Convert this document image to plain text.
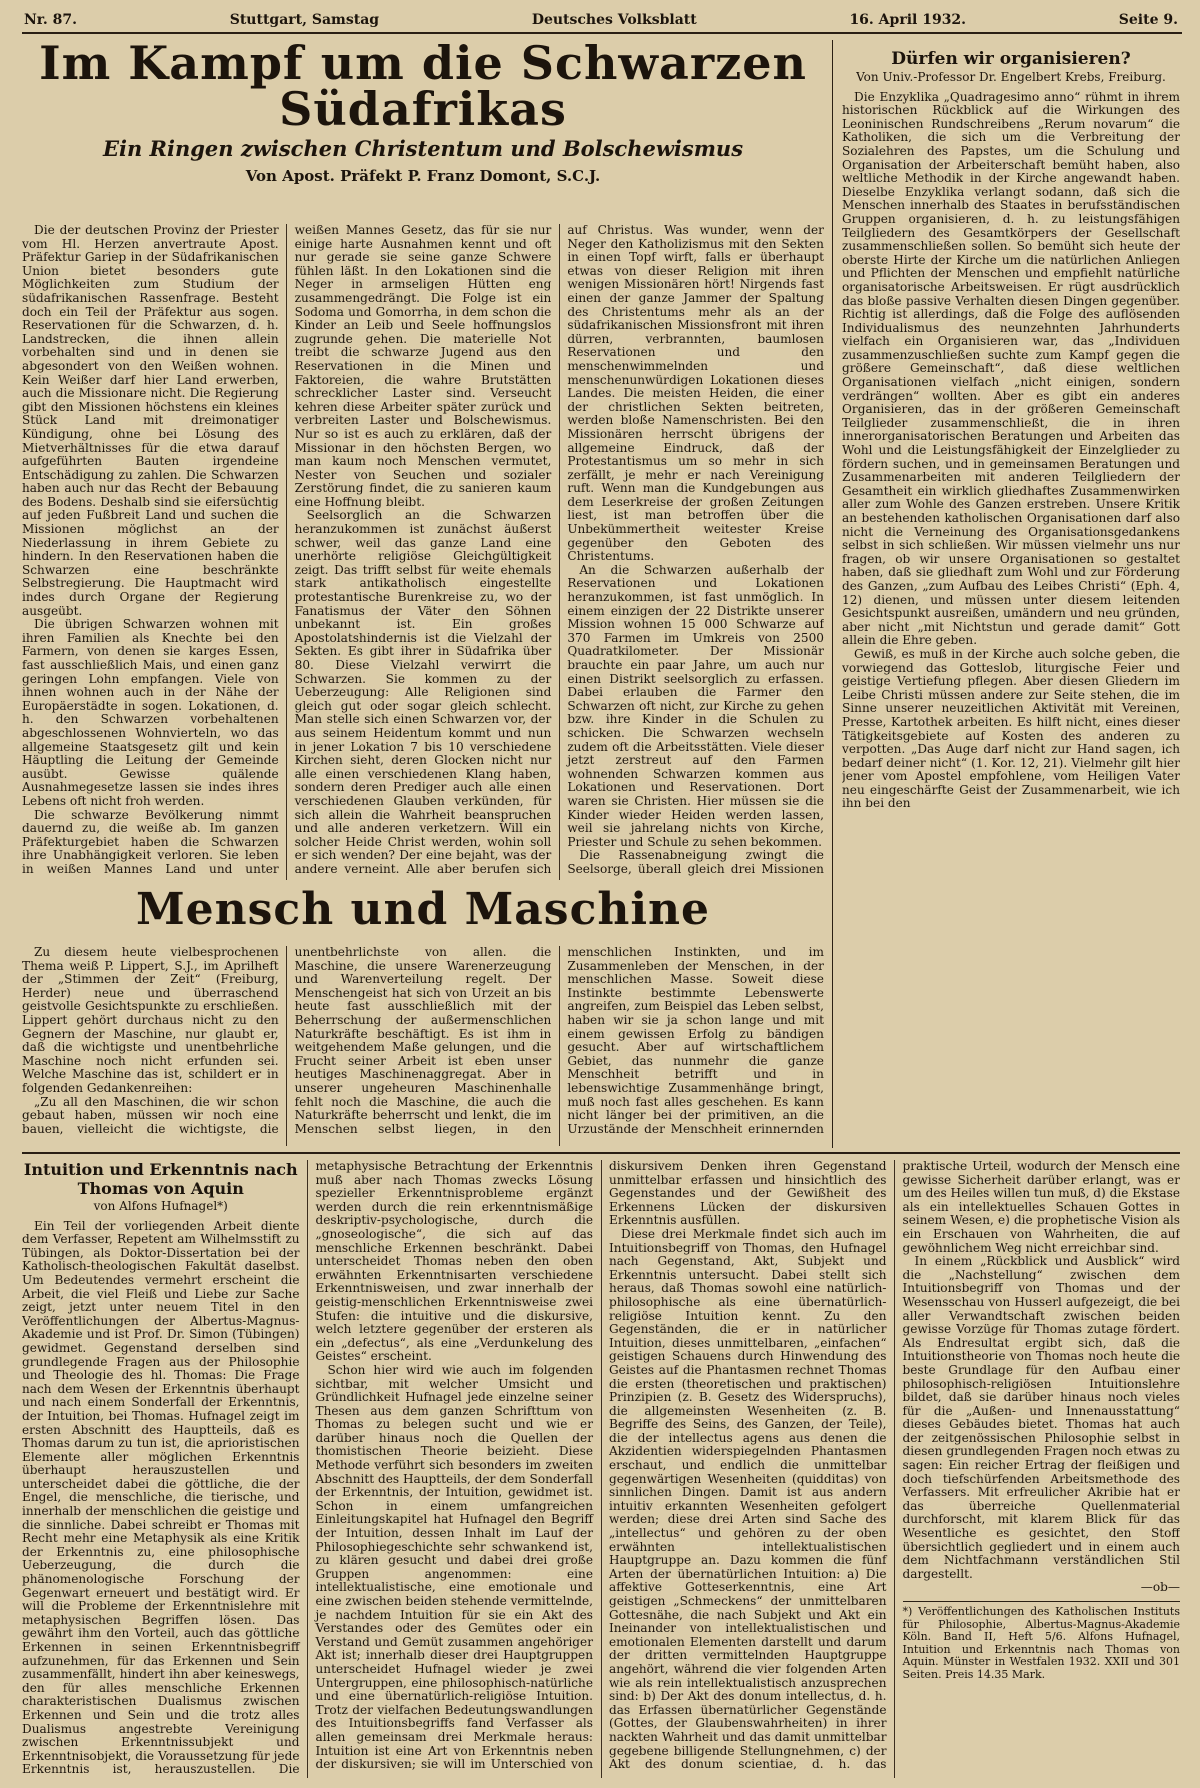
Nr. 87.	Stuttgart, Samstag	Deutsches Volksblatt	16. April 1932.	Seite 9.
Im Kampf um die Schwarzen Südafrikas
Ein Ringen zwischen Christentum und Bolschewismus
Von Apost. Präfekt P. Franz Domont, S.C.J.

Die der deutschen Provinz der Priester vom Hl. Herzen anvertraute Apost. Präfektur Gariep in der Südafrikanischen Union bietet besonders gute Möglichkeiten zum Studium der südafrikanischen Rassenfrage. Besteht doch ein Teil der Präfektur aus sogen. Reservationen für die Schwarzen, d. h. Landstrecken, die ihnen allein vorbehalten sind und in denen sie abgesondert von den Weißen wohnen. Kein Weißer darf hier Land erwerben, auch die Missionare nicht. Die Regierung gibt den Missionen höchstens ein kleines Stück Land mit dreimonatiger Kündigung, ohne bei Lösung des Mietverhältnisses für die etwa darauf aufgeführten Bauten irgendeine Entschädigung zu zahlen. Die Schwarzen haben auch nur das Recht der Bebauung des Bodens. Deshalb sind sie eifersüchtig auf jeden Fußbreit Land und suchen die Missionen möglichst an der Niederlassung in ihrem Gebiete zu hindern. In den Reservationen haben die Schwarzen eine beschränkte Selbstregierung. Die Hauptmacht wird indes durch Organe der Regierung ausgeübt.

Die übrigen Schwarzen wohnen mit ihren Familien als Knechte bei den Farmern, von denen sie karges Essen, fast ausschließlich Mais, und einen ganz geringen Lohn empfangen. Viele von ihnen wohnen auch in der Nähe der Europäerstädte in sogen. Lokationen, d. h. den Schwarzen vorbehaltenen abgeschlossenen Wohnvierteln, wo das allgemeine Staatsgesetz gilt und kein Häuptling die Leitung der Gemeinde ausübt. Gewisse quälende Ausnahmegesetze lassen sie indes ihres Lebens oft nicht froh werden.

Die schwarze Bevölkerung nimmt dauernd zu, die weiße ab. Im ganzen Präfekturgebiet haben die Schwarzen ihre Unabhängigkeit verloren. Sie leben in weißen Mannes Land und unter weißen Mannes Gesetz, das für sie nur einige harte Ausnahmen kennt und oft nur gerade sie seine ganze Schwere fühlen läßt. In den Lokationen sind die Neger in armseligen Hütten eng zusammengedrängt. Die Folge ist ein Sodoma und Gomorrha, in dem schon die Kinder an Leib und Seele hoffnungslos zugrunde gehen. Die materielle Not treibt die schwarze Jugend aus den Reservationen in die Minen und Faktoreien, die wahre Brutstätten schrecklicher Laster sind. Verseucht kehren diese Arbeiter später zurück und verbreiten Laster und Bolschewismus. Nur so ist es auch zu erklären, daß der Missionar in den höchsten Bergen, wo man kaum noch Menschen vermutet, Nester von Seuchen und sozialer Zerstörung findet, die zu sanieren kaum eine Hoffnung bleibt.

Seelsorglich an die Schwarzen heranzukommen ist zunächst äußerst schwer, weil das ganze Land eine unerhörte religiöse Gleichgültigkeit zeigt. Das trifft selbst für weite ehemals stark antikatholisch eingestellte protestantische Burenkreise zu, wo der Fanatismus der Väter den Söhnen unbekannt ist. Ein großes Apostolatshindernis ist die Vielzahl der Sekten. Es gibt ihrer in Südafrika über 80. Diese Vielzahl verwirrt die Schwarzen. Sie kommen zu der Ueberzeugung: Alle Religionen sind gleich gut oder sogar gleich schlecht. Man stelle sich einen Schwarzen vor, der aus seinem Heidentum kommt und nun in jener Lokation 7 bis 10 verschiedene Kirchen sieht, deren Glocken nicht nur alle einen verschiedenen Klang haben, sondern deren Prediger auch alle einen verschiedenen Glauben verkünden, für sich allein die Wahrheit beanspruchen und alle anderen verketzern. Will ein solcher Heide Christ werden, wohin soll er sich wenden? Der eine bejaht, was der andere verneint. Alle aber berufen sich auf Christus. Was wunder, wenn der Neger den Katholizismus mit den Sekten in einen Topf wirft, falls er überhaupt etwas von dieser Religion mit ihren wenigen Missionären hört! Nirgends fast einen der ganze Jammer der Spaltung des Christentums mehr als an der südafrikanischen Missionsfront mit ihren dürren, verbrannten, baumlosen Reservationen und den menschenwimmelnden und menschenunwürdigen Lokationen dieses Landes. Die meisten Heiden, die einer der christlichen Sekten beitreten, werden bloße Namenschristen. Bei den Missionären herrscht übrigens der allgemeine Eindruck, daß der Protestantismus um so mehr in sich zerfällt, je mehr er nach Vereinigung ruft. Wenn man die Kundgebungen aus dem Leserkreise der großen Zeitungen liest, ist man betroffen über die Unbekümmertheit weitester Kreise gegenüber den Geboten des Christentums.

An die Schwarzen außerhalb der Reservationen und Lokationen heranzukommen, ist fast unmöglich. In einem einzigen der 22 Distrikte unserer Mission wohnen 15 000 Schwarze auf 370 Farmen im Umkreis von 2500 Quadratkilometer. Der Missionär brauchte ein paar Jahre, um auch nur einen Distrikt seelsorglich zu erfassen. Dabei erlauben die Farmer den Schwarzen oft nicht, zur Kirche zu gehen bzw. ihre Kinder in die Schulen zu schicken. Die Schwarzen wechseln zudem oft die Arbeitsstätten. Viele dieser jetzt zerstreut auf den Farmen wohnenden Schwarzen kommen aus Lokationen und Reservationen. Dort waren sie Christen. Hier müssen sie die Kinder wieder Heiden werden lassen, weil sie jahrelang nichts von Kirche, Priester und Schule zu sehen bekommen.

Die Rassenabneigung zwingt die Seelsorge, überall gleich drei Missionen

Mensch und Maschine

Zu diesem heute vielbesprochenen Thema weiß P. Lippert, S.J., im Aprilheft der „Stimmen der Zeit“ (Freiburg, Herder) neue und überraschend geistvolle Gesichtspunkte zu erschließen. Lippert gehört durchaus nicht zu den Gegnern der Maschine, nur glaubt er, daß die wichtigste und unentbehrliche Maschine noch nicht erfunden sei. Welche Maschine das ist, schildert er in folgenden Gedankenreihen:

„Zu all den Maschinen, die wir schon gebaut haben, müssen wir noch eine bauen, vielleicht die wichtigste, die unentbehrlichste von allen. die Maschine, die unsere Warenerzeugung und Warenverteilung regelt. Der Menschengeist hat sich von Urzeit an bis heute fast ausschließlich mit der Beherrschung der außermenschlichen Naturkräfte beschäftigt. Es ist ihm in weitgehendem Maße gelungen, und die Frucht seiner Arbeit ist eben unser heutiges Maschinenaggregat. Aber in unserer ungeheuren Maschinenhalle fehlt noch die Maschine, die auch die Naturkräfte beherrscht und lenkt, die im Menschen selbst liegen, in den menschlichen Instinkten, und im Zusammenleben der Menschen, in der menschlichen Masse. Soweit diese Instinkte bestimmte Lebenswerte angreifen, zum Beispiel das Leben selbst, haben wir sie ja schon lange und mit einem gewissen Erfolg zu bändigen gesucht. Aber auf wirtschaftlichem Gebiet, das nunmehr die ganze Menschheit betrifft und in lebenswichtige Zusammenhänge bringt, muß noch fast alles geschehen. Es kann nicht länger bei der primitiven, an die Urzustände der Menschheit erinnernden

Dürfen wir organisieren?
Von Univ.-Professor Dr. Engelbert Krebs, Freiburg.

Die Enzyklika „Quadragesimo anno“ rühmt in ihrem historischen Rückblick auf die Wirkungen des Leoninischen Rundschreibens „Rerum novarum“ die Katholiken, die sich um die Verbreitung der Sozialehren des Papstes, um die Schulung und Organisation der Arbeiterschaft bemüht haben, also weltliche Methodik in der Kirche angewandt haben. Dieselbe Enzyklika verlangt sodann, daß sich die Menschen innerhalb des Staates in berufsständischen Gruppen organisieren, d. h. zu leistungsfähigen Teilgliedern des Gesamtkörpers der Gesellschaft zusammenschließen sollen. So bemüht sich heute der oberste Hirte der Kirche um die natürlichen Anliegen und Pflichten der Menschen und empfiehlt natürliche organisatorische Arbeitsweisen. Er rügt ausdrücklich das bloße passive Verhalten diesen Dingen gegenüber. Richtig ist allerdings, daß die Folge des auflösenden Individualismus des neunzehnten Jahrhunderts vielfach ein Organisieren war, das „Individuen zusammenzuschließen suchte zum Kampf gegen die größere Gemeinschaft“, daß diese weltlichen Organisationen vielfach „nicht einigen, sondern verdrängen“ wollten. Aber es gibt ein anderes Organisieren, das in der größeren Gemeinschaft Teilglieder zusammenschließt, die in ihren innerorganisatorischen Beratungen und Arbeiten das Wohl und die Leistungsfähigkeit der Einzelglieder zu fördern suchen, und in gemeinsamen Beratungen und Zusammenarbeiten mit anderen Teilgliedern der Gesamtheit ein wirklich gliedhaftes Zusammenwirken aller zum Wohle des Ganzen erstreben. Unsere Kritik an bestehenden katholischen Organisationen darf also nicht die Verneinung des Organisationsgedankens selbst in sich schließen. Wir müssen vielmehr uns nur fragen, ob wir unsere Organisationen so gestaltet haben, daß sie gliedhaft zum Wohl und zur Förderung des Ganzen, „zum Aufbau des Leibes Christi“ (Eph. 4, 12) dienen, und müssen unter diesem leitenden Gesichtspunkt ausreißen, umändern und neu gründen, aber nicht „mit Nichtstun und gerade damit“ Gott allein die Ehre geben.

Gewiß, es muß in der Kirche auch solche geben, die vorwiegend das Gotteslob, liturgische Feier und geistige Vertiefung pflegen. Aber diesen Gliedern im Leibe Christi müssen andere zur Seite stehen, die im Sinne unserer neuzeitlichen Aktivität mit Vereinen, Presse, Kartothek arbeiten. Es hilft nicht, eines dieser Tätigkeitsgebiete auf Kosten des anderen zu verpotten. „Das Auge darf nicht zur Hand sagen, ich bedarf deiner nicht“ (1. Kor. 12, 21). Vielmehr gilt hier jener vom Apostel empfohlene, vom Heiligen Vater neu eingeschärfte Geist der Zusammenarbeit, wie ich ihn bei den

Intuition und Erkenntnis nach Thomas von Aquin
von Alfons Hufnagel*)

Ein Teil der vorliegenden Arbeit diente dem Verfasser, Repetent am Wilhelmsstift zu Tübingen, als Doktor-Dissertation bei der Katholisch-theologischen Fakultät daselbst. Um Bedeutendes vermehrt erscheint die Arbeit, die viel Fleiß und Liebe zur Sache zeigt, jetzt unter neuem Titel in den Veröffentlichungen der Albertus-Magnus-Akademie und ist Prof. Dr. Simon (Tübingen) gewidmet. Gegenstand derselben sind grundlegende Fragen aus der Philosophie und Theologie des hl. Thomas: Die Frage nach dem Wesen der Erkenntnis überhaupt und nach einem Sonderfall der Erkenntnis, der Intuition, bei Thomas. Hufnagel zeigt im ersten Abschnitt des Hauptteils, daß es Thomas darum zu tun ist, die aprioristischen Elemente aller möglichen Erkenntnis überhaupt herauszustellen und unterscheidet dabei die göttliche, die der Engel, die menschliche, die tierische, und innerhalb der menschlichen die geistige und die sinnliche. Dabei schreibt er Thomas mit Recht mehr eine Metaphysik als eine Kritik der Erkenntnis zu, eine philosophische Ueberzeugung, die durch die phänomenologische Forschung der Gegenwart erneuert und bestätigt wird. Er will die Probleme der Erkenntnislehre mit metaphysischen Begriffen lösen. Das gewährt ihm den Vorteil, auch das göttliche Erkennen in seinen Erkenntnisbegriff aufzunehmen, für das Erkennen und Sein zusammenfällt, hindert ihn aber keineswegs, den für alles menschliche Erkennen charakteristischen Dualismus zwischen Erkennen und Sein und die trotz alles Dualismus angestrebte Vereinigung zwischen Erkenntnissubjekt und Erkenntnisobjekt, die Voraussetzung für jede Erkenntnis ist, herauszustellen. Die metaphysische Betrachtung der Erkenntnis muß aber nach Thomas zwecks Lösung spezieller Erkenntnisprobleme ergänzt werden durch die rein erkenntnismäßige deskriptiv-psychologische, durch die „gnoseologische“, die sich auf das menschliche Erkennen beschränkt. Dabei unterscheidet Thomas neben den oben erwähnten Erkenntnisarten verschiedene Erkenntnisweisen, und zwar innerhalb der geistig-menschlichen Erkenntnisweise zwei Stufen: die intuitive und die diskursive, welch letztere gegenüber der ersteren als ein „defectus“, als eine „Verdunkelung des Geistes“ erscheint.

Schon hier wird wie auch im folgenden sichtbar, mit welcher Umsicht und Gründlichkeit Hufnagel jede einzelne seiner Thesen aus dem ganzen Schrifttum von Thomas zu belegen sucht und wie er darüber hinaus noch die Quellen der thomistischen Theorie beizieht. Diese Methode verführt sich besonders im zweiten Abschnitt des Hauptteils, der dem Sonderfall der Erkenntnis, der Intuition, gewidmet ist. Schon in einem umfangreichen Einleitungskapitel hat Hufnagel den Begriff der Intuition, dessen Inhalt im Lauf der Philosophiegeschichte sehr schwankend ist, zu klären gesucht und dabei drei große Gruppen angenommen: eine intellektualistische, eine emotionale und eine zwischen beiden stehende vermittelnde, je nachdem Intuition für sie ein Akt des Verstandes oder des Gemütes oder ein Verstand und Gemüt zusammen angehöriger Akt ist; innerhalb dieser drei Hauptgruppen unterscheidet Hufnagel wieder je zwei Untergruppen, eine philosophisch-natürliche und eine übernatürlich-religiöse Intuition. Trotz der vielfachen Bedeutungswandlungen des Intuitionsbegriffs fand Verfasser als allen gemeinsam drei Merkmale heraus: Intuition ist eine Art von Erkenntnis neben der diskursiven; sie will im Unterschied von diskursivem Denken ihren Gegenstand unmittelbar erfassen und hinsichtlich des Gegenstandes und der Gewißheit des Erkennens Lücken der diskursiven Erkenntnis ausfüllen.

Diese drei Merkmale findet sich auch im Intuitionsbegriff von Thomas, den Hufnagel nach Gegenstand, Akt, Subjekt und Erkenntnis untersucht. Dabei stellt sich heraus, daß Thomas sowohl eine natürlich-philosophische als eine übernatürlich-religiöse Intuition kennt. Zu den Gegenständen, die er in natürlicher Intuition, dieses unmittelbaren, „einfachen“ geistigen Schauens durch Hinwendung des Geistes auf die Phantasmen rechnet Thomas die ersten (theoretischen und praktischen) Prinzipien (z. B. Gesetz des Widerspruchs), die allgemeinsten Wesenheiten (z. B. Begriffe des Seins, des Ganzen, der Teile), die der intellectus agens aus denen die Akzidentien widerspiegelnden Phantasmen erschaut, und endlich die unmittelbar gegenwärtigen Wesenheiten (quidditas) von sinnlichen Dingen. Damit ist aus andern intuitiv erkannten Wesenheiten gefolgert werden; diese drei Arten sind Sache des „intellectus“ und gehören zu der oben erwähnten intellektualistischen Hauptgruppe an. Dazu kommen die fünf Arten der übernatürlichen Intuition: a) Die affektive Gotteserkenntnis, eine Art geistigen „Schmeckens“ der unmittelbaren Gottesnähe, die nach Subjekt und Akt ein Ineinander von intellektualistischen und emotionalen Elementen darstellt und darum der dritten vermittelnden Hauptgruppe angehört, während die vier folgenden Arten wie als rein intellektualistisch anzusprechen sind: b) Der Akt des donum intellectus, d. h. das Erfassen übernatürlicher Gegenstände (Gottes, der Glaubenswahrheiten) in ihrer nackten Wahrheit und das damit unmittelbar gegebene billigende Stellungnehmen, c) der Akt des donum scientiae, d. h. das praktische Urteil, wodurch der Mensch eine gewisse Sicherheit darüber erlangt, was er um des Heiles willen tun muß, d) die Ekstase als ein intellektuelles Schauen Gottes in seinem Wesen, e) die prophetische Vision als ein Erschauen von Wahrheiten, die auf gewöhnlichem Weg nicht erreichbar sind.

In einem „Rückblick und Ausblick“ wird die „Nachstellung“ zwischen dem Intuitionsbegriff von Thomas und der Wesensschau von Husserl aufgezeigt, die bei aller Verwandtschaft zwischen beiden gewisse Vorzüge für Thomas zutage fördert. Als Endresultat ergibt sich, daß die Intuitionstheorie von Thomas noch heute die beste Grundlage für den Aufbau einer philosophisch-religiösen Intuitionslehre bildet, daß sie darüber hinaus noch vieles für die „Außen- und Innenausstattung“ dieses Gebäudes bietet. Thomas hat auch der zeitgenössischen Philosophie selbst in diesen grundlegenden Fragen noch etwas zu sagen: Ein reicher Ertrag der fleißigen und doch tiefschürfenden Arbeitsmethode des Verfassers. Mit erfreulicher Akribie hat er das überreiche Quellenmaterial durchforscht, mit klarem Blick für das Wesentliche es gesichtet, den Stoff übersichtlich gegliedert und in einem auch dem Nichtfachmann verständlichen Stil dargestellt.

—ob—
*) Veröffentlichungen des Katholischen Instituts für Philosophie, Albertus-Magnus-Akademie Köln. Band II, Heft 5/6. Alfons Hufnagel, Intuition und Erkenntnis nach Thomas von Aquin. Münster in Westfalen 1932. XXII und 301 Seiten. Preis 14.35 Mark.
